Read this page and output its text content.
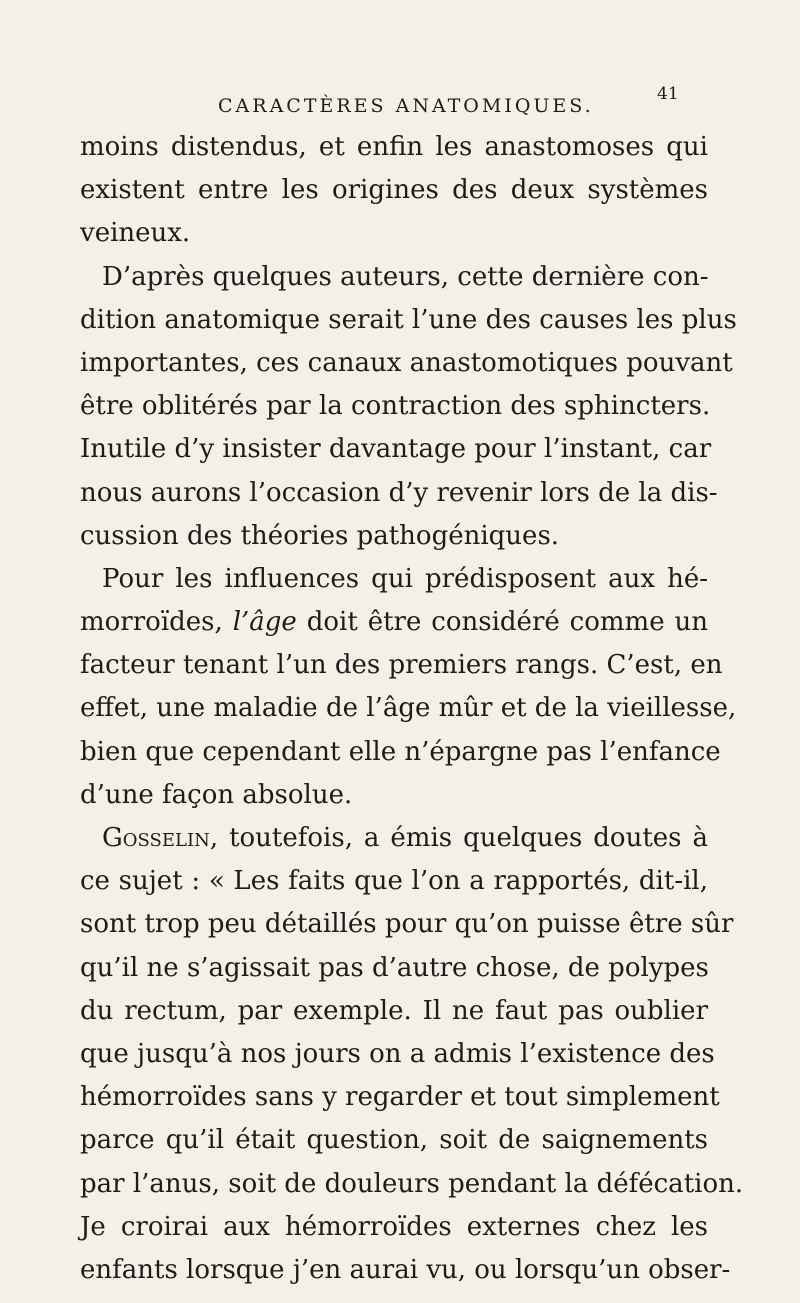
CARACTÈRES ANATOMIQUES.
41
moins distendus, et enfin les anastomoses qui
existent entre les origines des deux systèmes
veineux.
D’après quelques auteurs, cette dernière con-
dition anatomique serait l’une des causes les plus
importantes, ces canaux anastomotiques pouvant
être oblitérés par la contraction des sphincters.
Inutile d’y insister davantage pour l’instant, car
nous aurons l’occasion d’y revenir lors de la dis-
cussion des théories pathogéniques.
Pour les influences qui prédisposent aux hé-
morroïdes, l’âge doit être considéré comme un
facteur tenant l’un des premiers rangs. C’est, en
effet, une maladie de l’âge mûr et de la vieillesse,
bien que cependant elle n’épargne pas l’enfance
d’une façon absolue.
Gosselin, toutefois, a émis quelques doutes à
ce sujet : « Les faits que l’on a rapportés, dit-il,
sont trop peu détaillés pour qu’on puisse être sûr
qu’il ne s’agissait pas d’autre chose, de polypes
du rectum, par exemple. Il ne faut pas oublier
que jusqu’à nos jours on a admis l’existence des
hémorroïdes sans y regarder et tout simplement
parce qu’il était question, soit de saignements
par l’anus, soit de douleurs pendant la défécation.
Je croirai aux hémorroïdes externes chez les
enfants lorsque j’en aurai vu, ou lorsqu’un obser-
